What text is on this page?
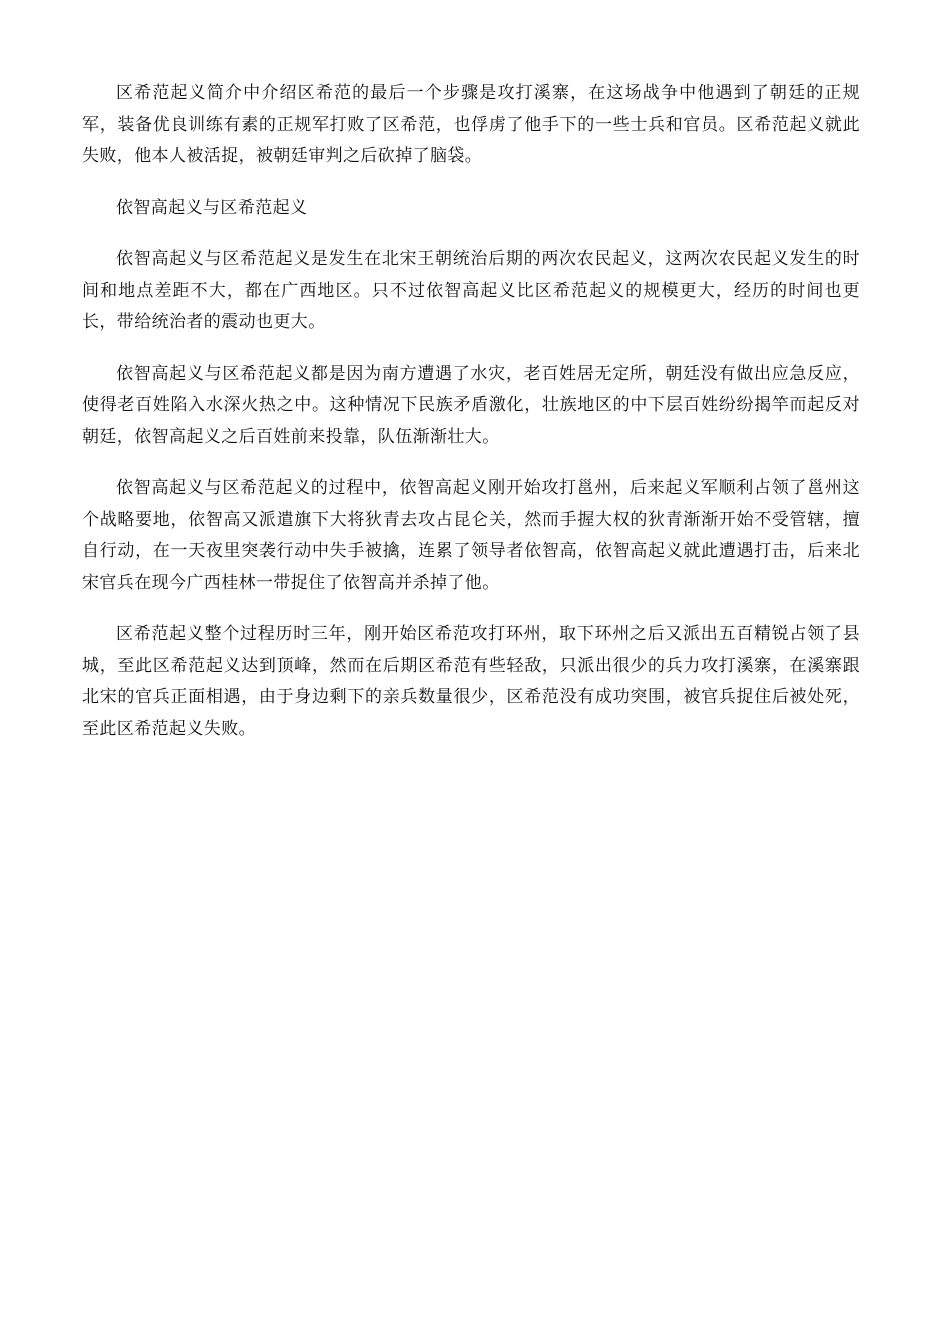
区希范起义简介中介绍区希范的最后一个步骤是攻打溪寨，在这场战争中他遇到了朝廷的正规军，装备优良训练有素的正规军打败了区希范，也俘虏了他手下的一些士兵和官员。区希范起义就此失败，他本人被活捉，被朝廷审判之后砍掉了脑袋。

依智高起义与区希范起义

依智高起义与区希范起义是发生在北宋王朝统治后期的两次农民起义，这两次农民起义发生的时间和地点差距不大，都在广西地区。只不过依智高起义比区希范起义的规模更大，经历的时间也更长，带给统治者的震动也更大。

依智高起义与区希范起义都是因为南方遭遇了水灾，老百姓居无定所，朝廷没有做出应急反应，使得老百姓陷入水深火热之中。这种情况下民族矛盾激化，壮族地区的中下层百姓纷纷揭竿而起反对朝廷，依智高起义之后百姓前来投靠，队伍渐渐壮大。

依智高起义与区希范起义的过程中，依智高起义刚开始攻打邕州，后来起义军顺利占领了邕州这个战略要地，依智高又派遣旗下大将狄青去攻占昆仑关，然而手握大权的狄青渐渐开始不受管辖，擅自行动，在一天夜里突袭行动中失手被擒，连累了领导者依智高，依智高起义就此遭遇打击，后来北宋官兵在现今广西桂林一带捉住了依智高并杀掉了他。

区希范起义整个过程历时三年，刚开始区希范攻打环州，取下环州之后又派出五百精锐占领了县城，至此区希范起义达到顶峰，然而在后期区希范有些轻敌，只派出很少的兵力攻打溪寨，在溪寨跟北宋的官兵正面相遇，由于身边剩下的亲兵数量很少，区希范没有成功突围，被官兵捉住后被处死，至此区希范起义失败。
